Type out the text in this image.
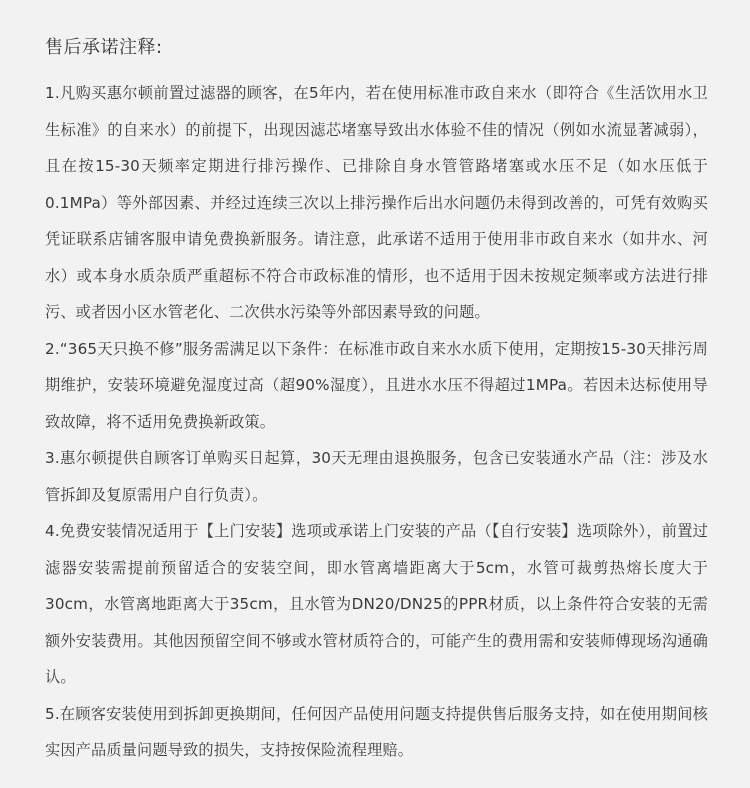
售后承诺注释:

1.凡购买惠尔顿前置过滤器的顾客，在5年内，若在使用标准市政自来水（即符合《生活饮用水卫生标准》的自来水）的前提下，出现因滤芯堵塞导致出水体验不佳的情况（例如水流显著减弱），且在按15-30天频率定期进行排污操作、已排除自身水管管路堵塞或水压不足（如水压低于0.1MPa）等外部因素、并经过连续三次以上排污操作后出水问题仍未得到改善的，可凭有效购买凭证联系店铺客服申请免费换新服务。请注意，此承诺不适用于使用非市政自来水（如井水、河水）或本身水质杂质严重超标不符合市政标准的情形，也不适用于因未按规定频率或方法进行排污、或者因小区水管老化、二次供水污染等外部因素导致的问题。

2.“365天只换不修”服务需满足以下条件：在标准市政自来水水质下使用，定期按15-30天排污周期维护，安装环境避免湿度过高（超90%湿度），且进水水压不得超过1MPa。若因未达标使用导致故障，将不适用免费换新政策。

3.惠尔顿提供自顾客订单购买日起算，30天无理由退换服务，包含已安装通水产品（注：涉及水管拆卸及复原需用户自行负责）。

4.免费安装情况适用于【上门安装】选项或承诺上门安装的产品（【自行安装】选项除外），前置过滤器安装需提前预留适合的安装空间，即水管离墙距离大于5cm，水管可裁剪热熔长度大于30cm，水管离地距离大于35cm，且水管为DN20/DN25的PPR材质，以上条件符合安装的无需额外安装费用。其他因预留空间不够或水管材质符合的，可能产生的费用需和安装师傅现场沟通确认。

5.在顾客安装使用到拆卸更换期间，任何因产品使用问题支持提供售后服务支持，如在使用期间核实因产品质量问题导致的损失，支持按保险流程理赔。
